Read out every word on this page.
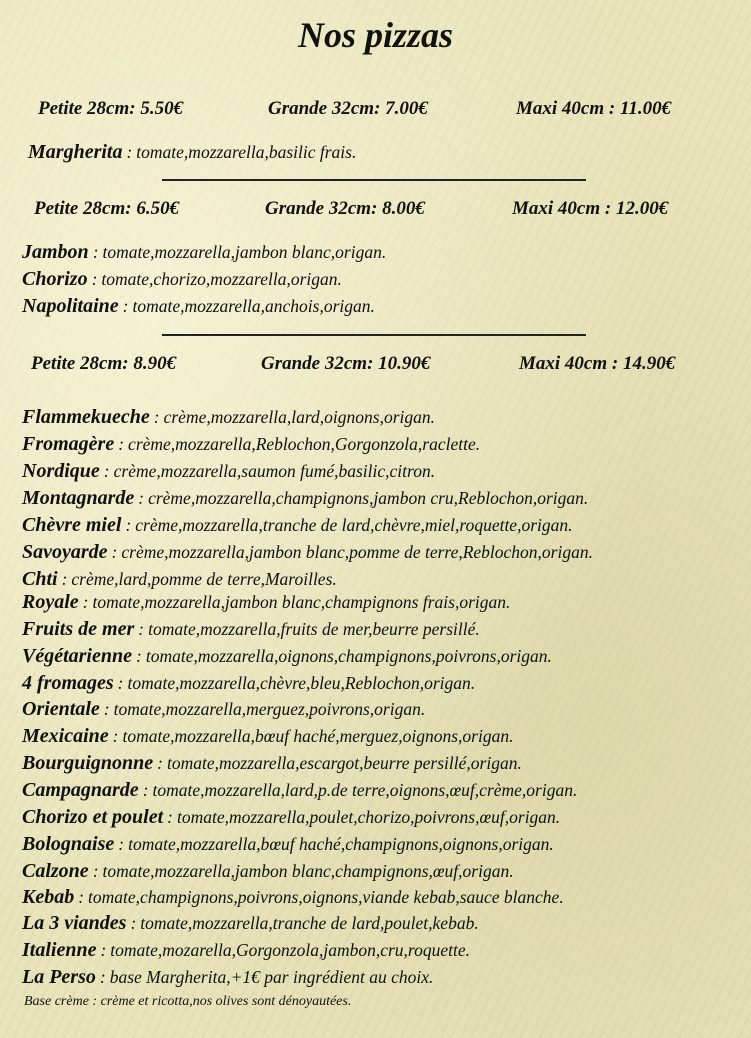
Nos pizzas
Petite 28cm: 5.50€	Grande 32cm: 7.00€	Maxi 40cm : 11.00€
Margherita : tomate,mozzarella,basilic frais.
Petite 28cm: 6.50€	Grande 32cm: 8.00€	Maxi 40cm : 12.00€
Jambon : tomate,mozzarella,jambon blanc,origan.
Chorizo : tomate,chorizo,mozzarella,origan.
Napolitaine : tomate,mozzarella,anchois,origan.
Petite 28cm: 8.90€	Grande 32cm: 10.90€	Maxi 40cm : 14.90€
Flammekueche : crème,mozzarella,lard,oignons,origan.
Fromagère : crème,mozzarella,Reblochon,Gorgonzola,raclette.
Nordique : crème,mozzarella,saumon fumé,basilic,citron.
Montagnarde : crème,mozzarella,champignons,jambon cru,Reblochon,origan.
Chèvre miel : crème,mozzarella,tranche de lard,chèvre,miel,roquette,origan.
Savoyarde : crème,mozzarella,jambon blanc,pomme de terre,Reblochon,origan.
Chti : crème,lard,pomme de terre,Maroilles.
Royale : tomate,mozzarella,jambon blanc,champignons frais,origan.
Fruits de mer : tomate,mozzarella,fruits de mer,beurre persillé.
Végétarienne : tomate,mozzarella,oignons,champignons,poivrons,origan.
4 fromages : tomate,mozzarella,chèvre,bleu,Reblochon,origan.
Orientale : tomate,mozzarella,merguez,poivrons,origan.
Mexicaine : tomate,mozzarella,bœuf haché,merguez,oignons,origan.
Bourguignonne : tomate,mozzarella,escargot,beurre persillé,origan.
Campagnarde : tomate,mozzarella,lard,p.de terre,oignons,œuf,crème,origan.
Chorizo et poulet : tomate,mozzarella,poulet,chorizo,poivrons,œuf,origan.
Bolognaise : tomate,mozzarella,bœuf haché,champignons,oignons,origan.
Calzone : tomate,mozzarella,jambon blanc,champignons,œuf,origan.
Kebab : tomate,champignons,poivrons,oignons,viande kebab,sauce blanche.
La 3 viandes : tomate,mozzarella,tranche de lard,poulet,kebab.
Italienne : tomate,mozarella,Gorgonzola,jambon,cru,roquette.
La Perso : base Margherita,+1€ par ingrédient au choix.
Base crème : crème et ricotta,nos olives sont dénoyautées.
